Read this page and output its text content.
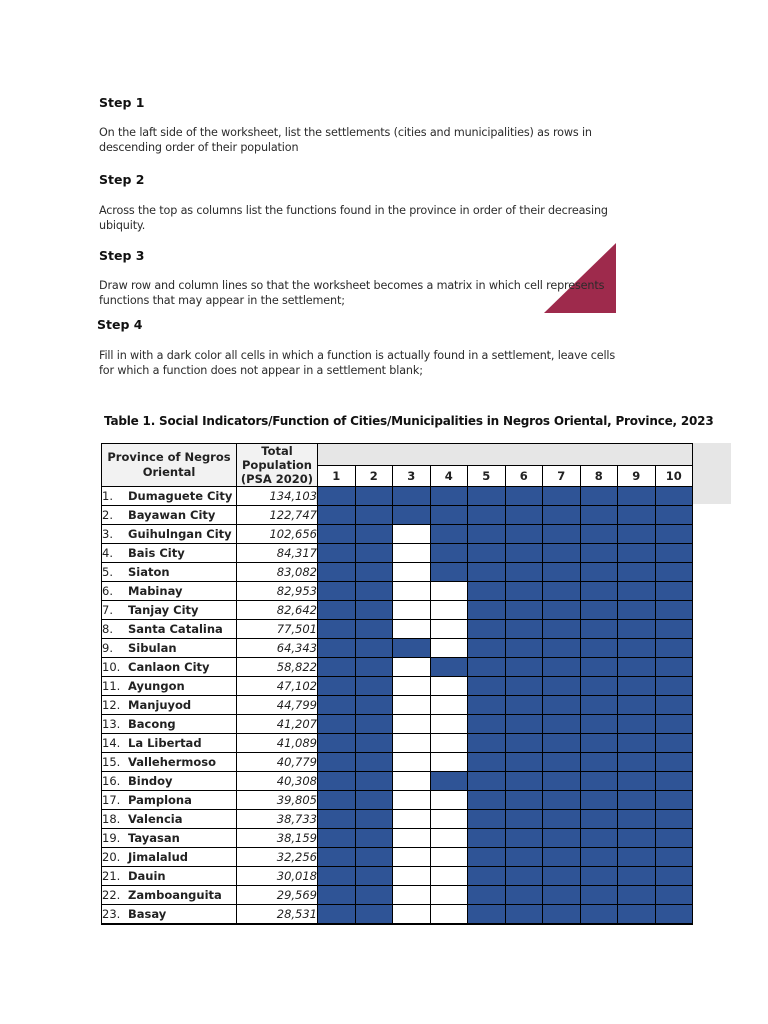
Step 1
On the laft side of the worksheet, list the settlements (cities and municipalities) as rows in descending order of their population
Step 2
Across the top as columns list the functions found in the province in order of their decreasing ubiquity.
Step 3
Draw row and column lines so that the worksheet becomes a matrix in which cell represents functions that may appear in the settlement;
Step 4
Fill in with a dark color all cells in which a function is actually found in a settlement, leave cells for which a function does not appear in a settlement blank;
Table 1. Social Indicators/Function of Cities/Municipalities in Negros Oriental, Province, 2023
Province of Negros Oriental	Total
Population
(PSA 2020)										

		1	2	3	4	5	6	7	8	9	10
1. Dumaguete City	134,103										
2. Bayawan City	122,747										
3. Guihulngan City	102,656										
4. Bais City	84,317										
5. Siaton	83,082										
6. Mabinay	82,953										
7. Tanjay City	82,642										
8. Santa Catalina	77,501										
9. Sibulan	64,343										
10. Canlaon City	58,822										
11. Ayungon	47,102										
12. Manjuyod	44,799										
13. Bacong	41,207										
14. La Libertad	41,089										
15. Vallehermoso	40,779										
16. Bindoy	40,308										
17. Pamplona	39,805										
18. Valencia	38,733										
19. Tayasan	38,159										
20. Jimalalud	32,256										
21. Dauin	30,018										
22. Zamboanguita	29,569										
23. Basay	28,531										
